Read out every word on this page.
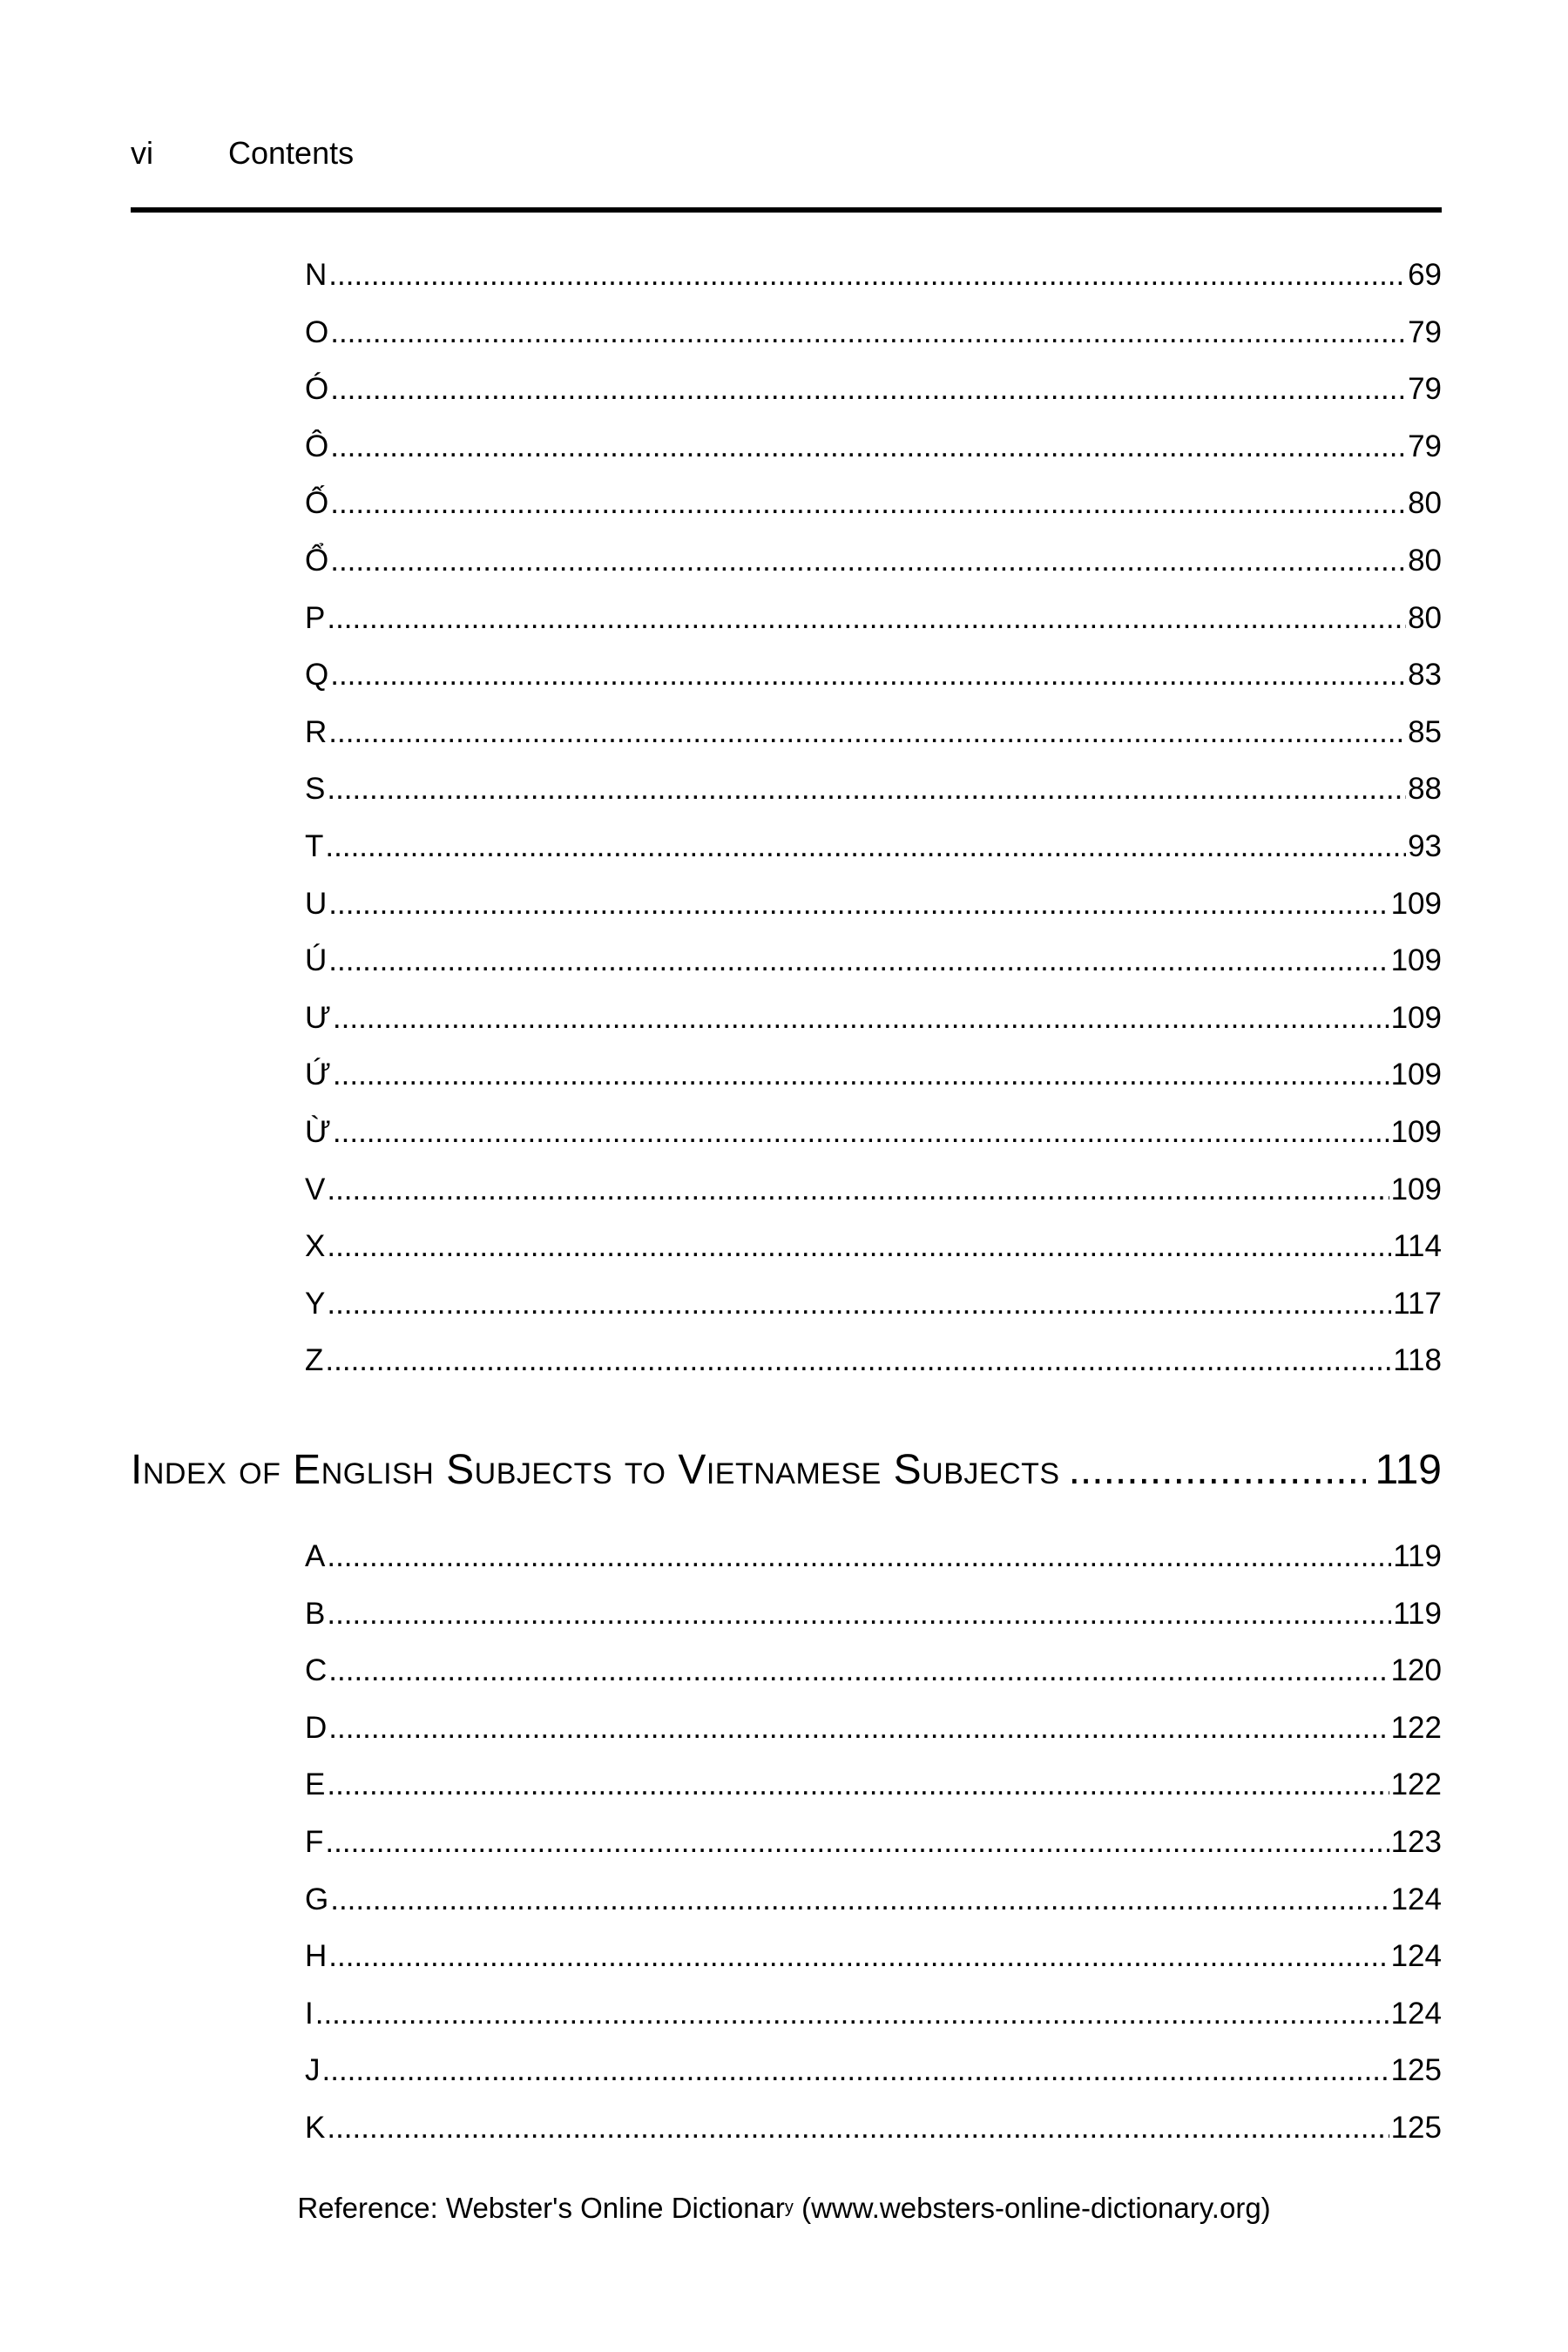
vi Contents
N .....	69
O .....	79
Ó .....	79
Ô .....	79
Ố .....	80
Ổ .....	80
P .....	80
Q .....	83
R .....	85
S .....	88
T .....	93
U .....	109
Ú .....	109
Ư .....	109
Ứ .....	109
Ừ .....	109
V .....	109
X .....	114
Y .....	117
Z .....	118
Index of English Subjects to Vietnamese Subjects .....	119
A .....	119
B .....	119
C .....	120
D .....	122
E .....	122
F .....	123
G .....	124
H .....	124
I .....	124
J .....	125
K .....	125
Reference: Webster's Online Dictionar$^y$ (www.websters-online-dictionary.org)
